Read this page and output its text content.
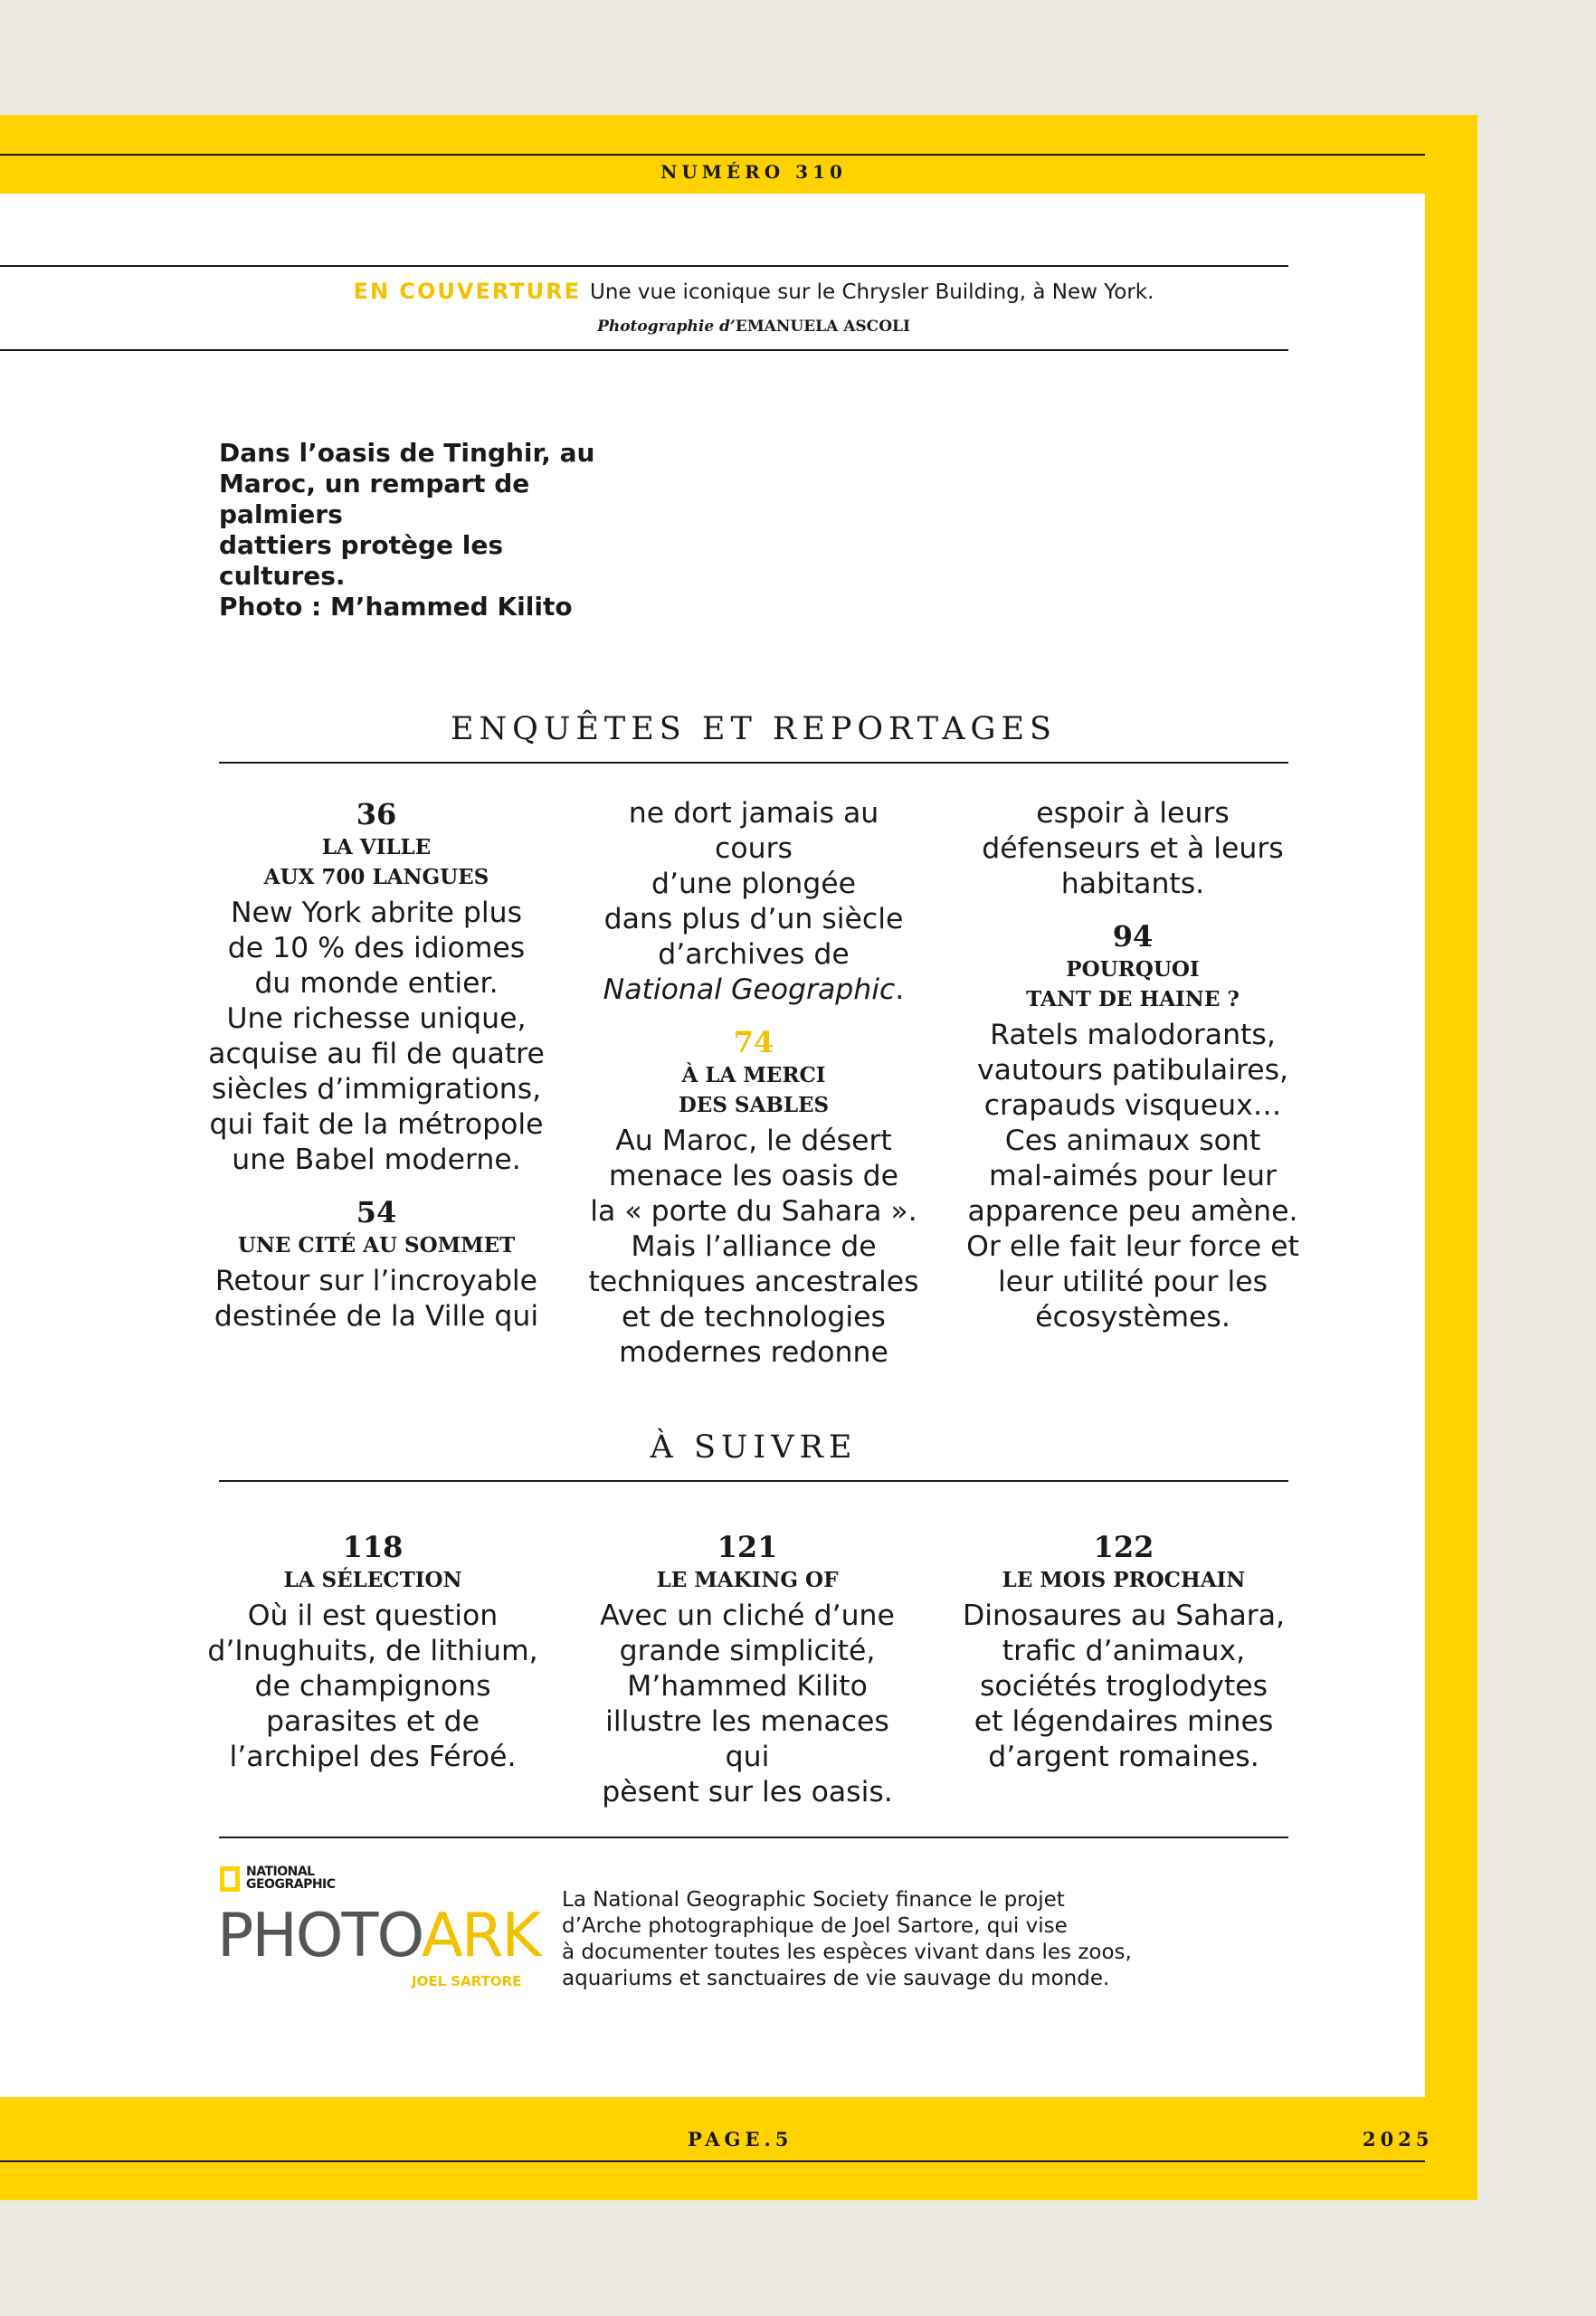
NUMÉRO 310
EN COUVERTURE Une vue iconique sur le Chrysler Building, à New York.
Photographie d’EMANUELA ASCOLI
Dans l’oasis de Tinghir, au
Maroc, un rempart de palmiers
dattiers protège les cultures.
Photo : M’hammed Kilito
ENQUÊTES ET REPORTAGES
36
LA VILLE
AUX 700 LANGUES
New York abrite plus
de 10 % des idiomes
du monde entier.
Une richesse unique,
acquise au fil de quatre
siècles d’immigrations,
qui fait de la métropole
une Babel moderne.
54
UNE CITÉ AU SOMMET
Retour sur l’incroyable
destinée de la Ville qui
ne dort jamais au cours
d’une plongée
dans plus d’un siècle
d’archives de
National Geographic.
74
À LA MERCI
DES SABLES
Au Maroc, le désert
menace les oasis de
la « porte du Sahara ».
Mais l’alliance de
techniques ancestrales
et de technologies
modernes redonne
espoir à leurs
défenseurs et à leurs
habitants.
94
POURQUOI
TANT DE HAINE ?
Ratels malodorants,
vautours patibulaires,
crapauds visqueux…
Ces animaux sont
mal-aimés pour leur
apparence peu amène.
Or elle fait leur force et
leur utilité pour les
écosystèmes.
À SUIVRE
118
LA SÉLECTION
Où il est question
d’Inughuits, de lithium,
de champignons
parasites et de
l’archipel des Féroé.
121
LE MAKING OF
Avec un cliché d’une
grande simplicité,
M’hammed Kilito
illustre les menaces qui
pèsent sur les oasis.
122
LE MOIS PROCHAIN
Dinosaures au Sahara,
trafic d’animaux,
sociétés troglodytes
et légendaires mines
d’argent romaines.
NATIONAL
GEOGRAPHIC
PHOTOARK
JOEL SARTORE
La National Geographic Society finance le projet
d’Arche photographique de Joel Sartore, qui vise
à documenter toutes les espèces vivant dans les zoos,
aquariums et sanctuaires de vie sauvage du monde.
PAGE.5	2025
